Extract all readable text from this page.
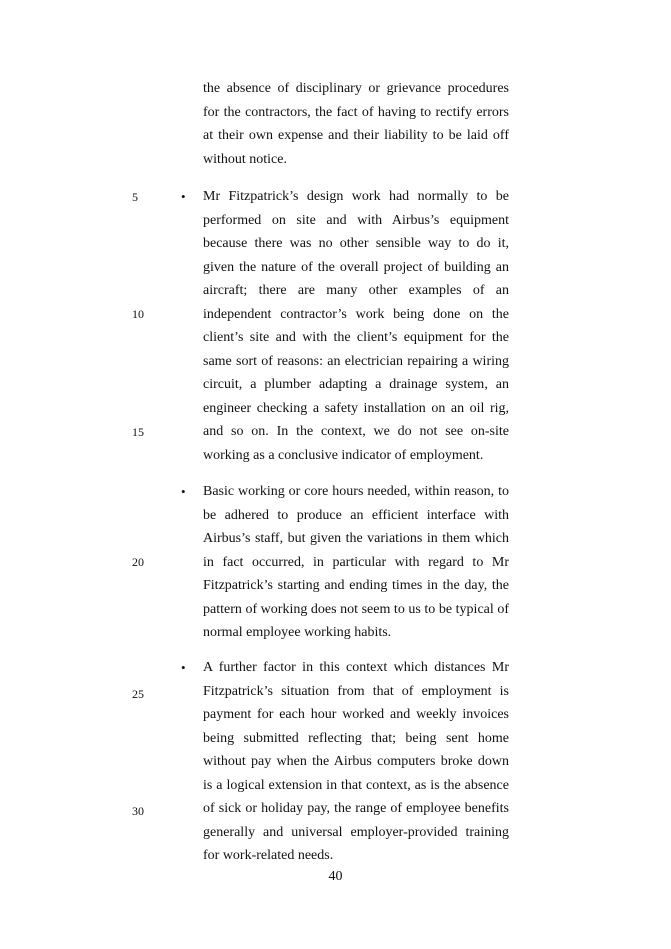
the absence of disciplinary or grievance procedures for the contractors, the fact of having to rectify errors at their own expense and their liability to be laid off without notice.
• Mr Fitzpatrick’s design work had normally to be performed on site and with Airbus’s equipment because there was no other sensible way to do it, given the nature of the overall project of building an aircraft; there are many other examples of an independent contractor’s work being done on the client’s site and with the client’s equipment for the same sort of reasons: an electrician repairing a wiring circuit, a plumber adapting a drainage system, an engineer checking a safety installation on an oil rig, and so on. In the context, we do not see on-site working as a conclusive indicator of employment.
• Basic working or core hours needed, within reason, to be adhered to produce an efficient interface with Airbus’s staff, but given the variations in them which in fact occurred, in particular with regard to Mr Fitzpatrick’s starting and ending times in the day, the pattern of working does not seem to us to be typical of normal employee working habits.
• A further factor in this context which distances Mr Fitzpatrick’s situation from that of employment is payment for each hour worked and weekly invoices being submitted reflecting that; being sent home without pay when the Airbus computers broke down is a logical extension in that context, as is the absence of sick or holiday pay, the range of employee benefits generally and universal employer-provided training for work-related needs.
5
10
15
20
25
30
40
